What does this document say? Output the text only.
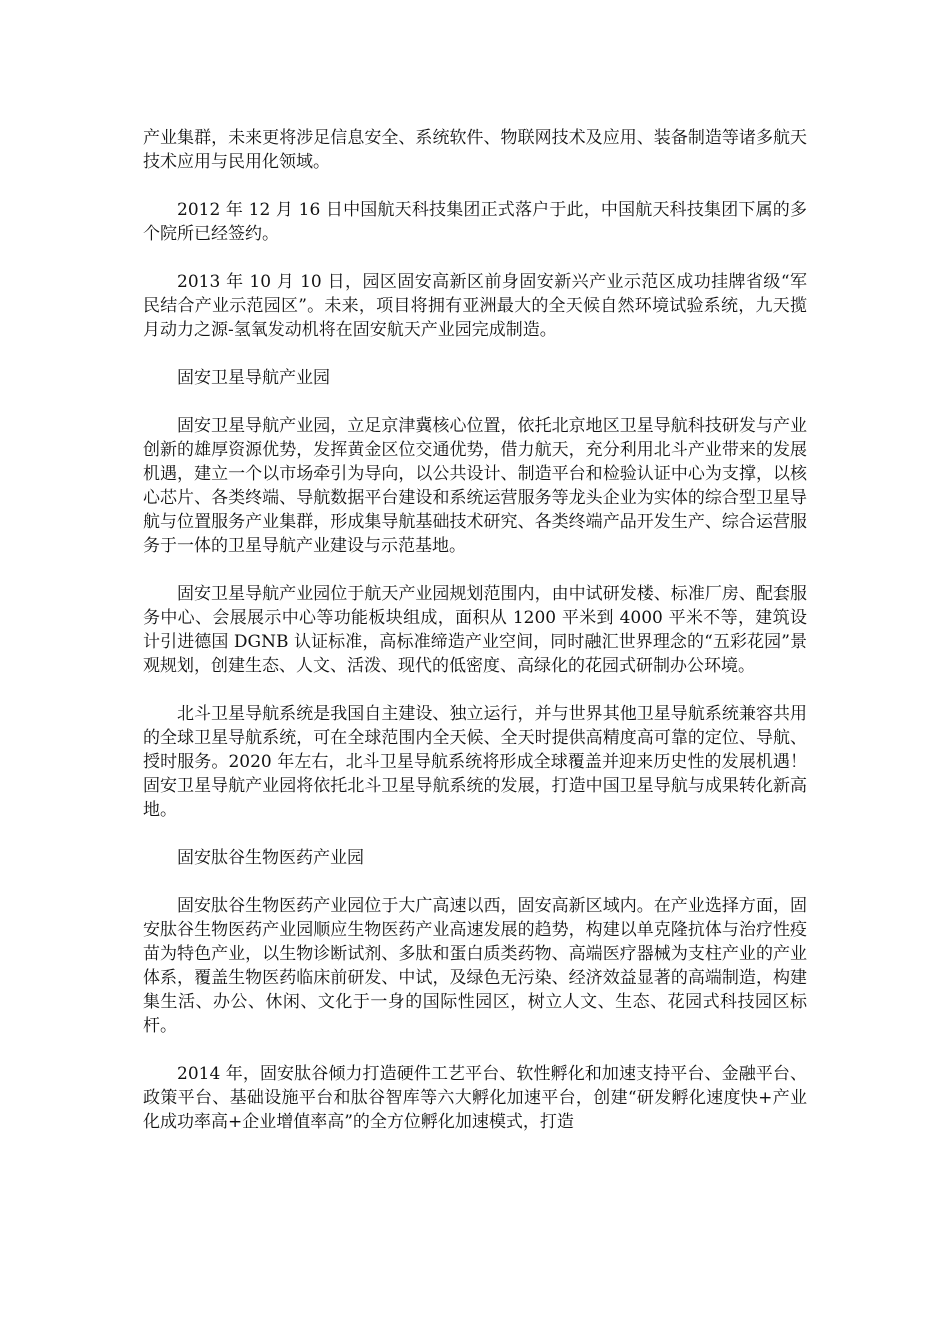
产业集群，未来更将涉足信息安全、系统软件、物联网技术及应用、装备制造等诸多航天技术应用与民用化领域。

2012 年 12 月 16 日中国航天科技集团正式落户于此，中国航天科技集团下属的多个院所已经签约。

2013 年 10 月 10 日，园区固安高新区前身固安新兴产业示范区成功挂牌省级“军民结合产业示范园区”。未来，项目将拥有亚洲最大的全天候自然环境试验系统，九天揽月动力之源-氢氧发动机将在固安航天产业园完成制造。

固安卫星导航产业园

固安卫星导航产业园，立足京津冀核心位置，依托北京地区卫星导航科技研发与产业创新的雄厚资源优势，发挥黄金区位交通优势，借力航天，充分利用北斗产业带来的发展机遇，建立一个以市场牵引为导向，以公共设计、制造平台和检验认证中心为支撑，以核心芯片、各类终端、导航数据平台建设和系统运营服务等龙头企业为实体的综合型卫星导航与位置服务产业集群，形成集导航基础技术研究、各类终端产品开发生产、综合运营服务于一体的卫星导航产业建设与示范基地。

固安卫星导航产业园位于航天产业园规划范围内，由中试研发楼、标准厂房、配套服务中心、会展展示中心等功能板块组成，面积从 1200 平米到 4000 平米不等，建筑设计引进德国 DGNB 认证标准，高标准缔造产业空间，同时融汇世界理念的“五彩花园”景观规划，创建生态、人文、活泼、现代的低密度、高绿化的花园式研制办公环境。

北斗卫星导航系统是我国自主建设、独立运行，并与世界其他卫星导航系统兼容共用的全球卫星导航系统，可在全球范围内全天候、全天时提供高精度高可靠的定位、导航、授时服务。2020 年左右，北斗卫星导航系统将形成全球覆盖并迎来历史性的发展机遇！固安卫星导航产业园将依托北斗卫星导航系统的发展，打造中国卫星导航与成果转化新高地。

固安肽谷生物医药产业园

固安肽谷生物医药产业园位于大广高速以西，固安高新区域内。在产业选择方面，固安肽谷生物医药产业园顺应生物医药产业高速发展的趋势，构建以单克隆抗体与治疗性疫苗为特色产业，以生物诊断试剂、多肽和蛋白质类药物、高端医疗器械为支柱产业的产业体系，覆盖生物医药临床前研发、中试，及绿色无污染、经济效益显著的高端制造，构建集生活、办公、休闲、文化于一身的国际性园区，树立人文、生态、花园式科技园区标杆。

2014 年，固安肽谷倾力打造硬件工艺平台、软性孵化和加速支持平台、金融平台、政策平台、基础设施平台和肽谷智库等六大孵化加速平台，创建“研发孵化速度快+产业化成功率高+企业增值率高”的全方位孵化加速模式，打造
